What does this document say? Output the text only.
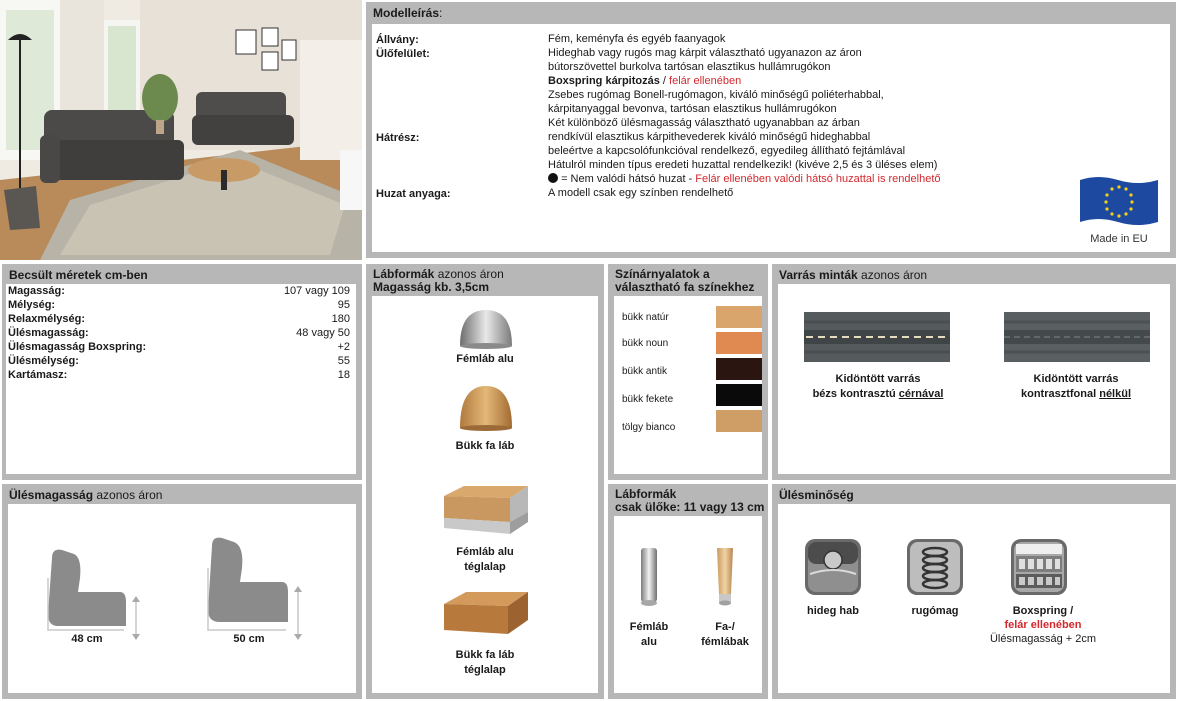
Modelleírás:
Állvány:	Fém, keményfa és egyéb faanyagok
Ülőfelület:	Hideghab vagy rugós mag kárpit választható ugyanazon az áron
bútorszövettel burkolva tartósan elasztikus hullámrugókon
Boxspring kárpitozás / felár ellenében
Zsebes rugómag Bonell-rugómagon, kiváló minőségű poliéterhabbal,
kárpitanyaggal bevonva, tartósan elasztikus hullámrugókon
Két különböző ülésmagasság választható ugyanabban az árban
Hátrész:	rendkívül elasztikus kárpithevederek kiváló minőségű hideghabbal
beleértve a kapcsolófunkcióval rendelkező, egyedileg állítható fejtámlával
Hátulról minden típus eredeti huzattal rendelkezik! (kivéve 2,5 és 3 üléses elem)
= Nem valódi hátsó huzat - Felár ellenében valódi hátsó huzattal is rendelhető
Huzat anyaga:	A modell csak egy színben rendelhető
Made in EU
Becsült méretek cm-ben
Magasság:	107 vagy 109
Mélység:	95
Relaxmélység:	180
Ülésmagasság:	48 vagy 50
Ülésmagasság Boxspring:	+2
Ülésmélység:	55
Kartámasz:	18
Ülésmagasság azonos áron
48 cm	50 cm
Lábformák azonos áron
Magasság kb. 3,5cm
Fémláb alu
Bükk fa láb
Fémláb alu
téglalap
Bükk fa láb
téglalap
Színárnyalatok a
választható fa színekhez
bükk natúr
bükk noun
bükk antik
bükk fekete
tölgy bianco
Varrás minták azonos áron
Kidöntött varrás
bézs kontrasztú cérnával
Kidöntött varrás
kontrasztfonal nélkül
Lábformák
csak ülőke: 11 vagy 13 cm
Fémláb
alu
Fa-/
fémlábak
Ülésminőség
hideg hab	rugómag	Boxspring /
felár ellenében
Ülésmagasság + 2cm
